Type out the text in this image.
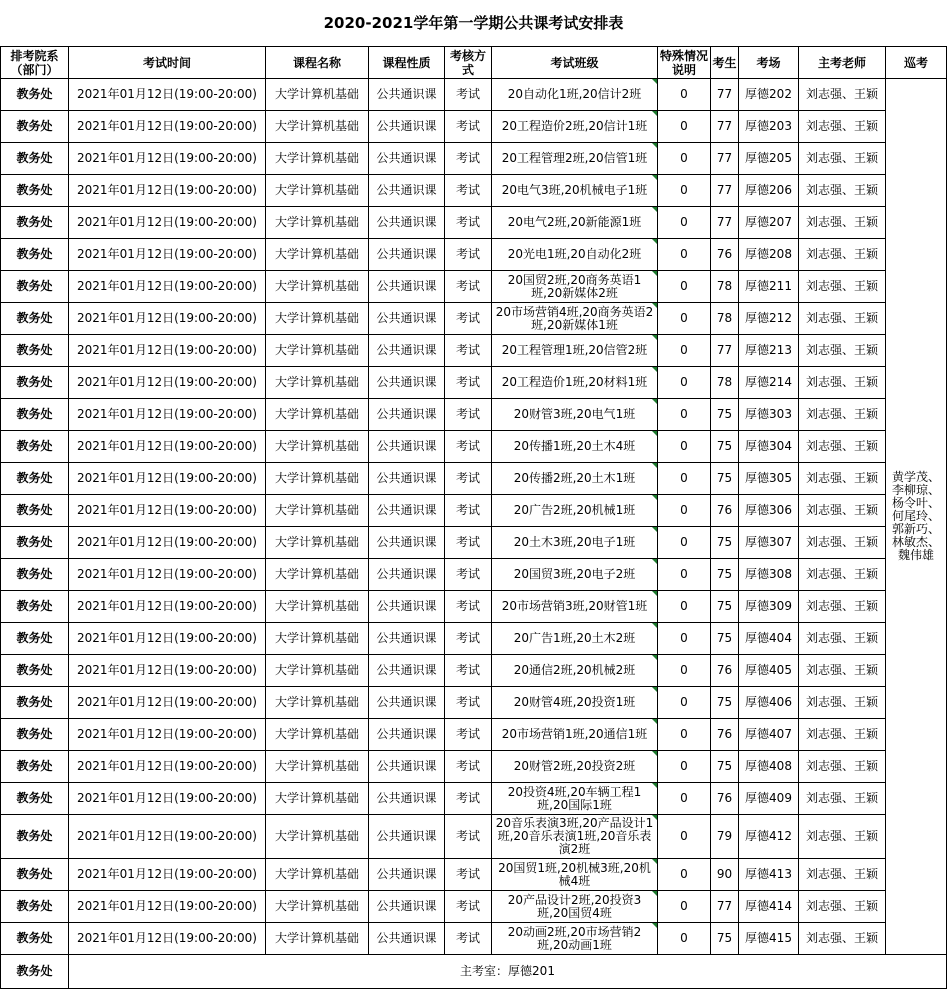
2020-2021学年第一学期公共课考试安排表
排考院系（部门）	考试时间	课程名称	课程性质	考核方式	考试班级	特殊情况说明	考生	考场	主考老师	巡考
教务处	2021年01月12日(19:00-20:00)	大学计算机基础	公共通识课	考试	20自动化1班,20信计2班	0	77	厚德202	刘志强、王颖	黄学茂、李柳琼、杨令叶、何尾玲、郭新巧、林敏杰、魏伟雄
教务处	2021年01月12日(19:00-20:00)	大学计算机基础	公共通识课	考试	20工程造价2班,20信计1班	0	77	厚德203	刘志强、王颖	
教务处	2021年01月12日(19:00-20:00)	大学计算机基础	公共通识课	考试	20工程管理2班,20信管1班	0	77	厚德205	刘志强、王颖	
教务处	2021年01月12日(19:00-20:00)	大学计算机基础	公共通识课	考试	20电气3班,20机械电子1班	0	77	厚德206	刘志强、王颖	
教务处	2021年01月12日(19:00-20:00)	大学计算机基础	公共通识课	考试	20电气2班,20新能源1班	0	77	厚德207	刘志强、王颖	
教务处	2021年01月12日(19:00-20:00)	大学计算机基础	公共通识课	考试	20光电1班,20自动化2班	0	76	厚德208	刘志强、王颖	
教务处	2021年01月12日(19:00-20:00)	大学计算机基础	公共通识课	考试	20国贸2班,20商务英语1班,20新媒体2班	0	78	厚德211	刘志强、王颖	
教务处	2021年01月12日(19:00-20:00)	大学计算机基础	公共通识课	考试	20市场营销4班,20商务英语2班,20新媒体1班	0	78	厚德212	刘志强、王颖	
教务处	2021年01月12日(19:00-20:00)	大学计算机基础	公共通识课	考试	20工程管理1班,20信管2班	0	77	厚德213	刘志强、王颖	
教务处	2021年01月12日(19:00-20:00)	大学计算机基础	公共通识课	考试	20工程造价1班,20材料1班	0	78	厚德214	刘志强、王颖	
教务处	2021年01月12日(19:00-20:00)	大学计算机基础	公共通识课	考试	20财管3班,20电气1班	0	75	厚德303	刘志强、王颖	
教务处	2021年01月12日(19:00-20:00)	大学计算机基础	公共通识课	考试	20传播1班,20土木4班	0	75	厚德304	刘志强、王颖	
教务处	2021年01月12日(19:00-20:00)	大学计算机基础	公共通识课	考试	20传播2班,20土木1班	0	75	厚德305	刘志强、王颖	
教务处	2021年01月12日(19:00-20:00)	大学计算机基础	公共通识课	考试	20广告2班,20机械1班	0	76	厚德306	刘志强、王颖	
教务处	2021年01月12日(19:00-20:00)	大学计算机基础	公共通识课	考试	20土木3班,20电子1班	0	75	厚德307	刘志强、王颖	
教务处	2021年01月12日(19:00-20:00)	大学计算机基础	公共通识课	考试	20国贸3班,20电子2班	0	75	厚德308	刘志强、王颖	
教务处	2021年01月12日(19:00-20:00)	大学计算机基础	公共通识课	考试	20市场营销3班,20财管1班	0	75	厚德309	刘志强、王颖	
教务处	2021年01月12日(19:00-20:00)	大学计算机基础	公共通识课	考试	20广告1班,20土木2班	0	75	厚德404	刘志强、王颖	
教务处	2021年01月12日(19:00-20:00)	大学计算机基础	公共通识课	考试	20通信2班,20机械2班	0	76	厚德405	刘志强、王颖	
教务处	2021年01月12日(19:00-20:00)	大学计算机基础	公共通识课	考试	20财管4班,20投资1班	0	75	厚德406	刘志强、王颖	
教务处	2021年01月12日(19:00-20:00)	大学计算机基础	公共通识课	考试	20市场营销1班,20通信1班	0	76	厚德407	刘志强、王颖	
教务处	2021年01月12日(19:00-20:00)	大学计算机基础	公共通识课	考试	20财管2班,20投资2班	0	75	厚德408	刘志强、王颖	
教务处	2021年01月12日(19:00-20:00)	大学计算机基础	公共通识课	考试	20投资4班,20车辆工程1班,20国际1班	0	76	厚德409	刘志强、王颖	
教务处	2021年01月12日(19:00-20:00)	大学计算机基础	公共通识课	考试	20音乐表演3班,20产品设计1班,20音乐表演1班,20音乐表演2班	0	79	厚德412	刘志强、王颖	
教务处	2021年01月12日(19:00-20:00)	大学计算机基础	公共通识课	考试	20国贸1班,20机械3班,20机械4班	0	90	厚德413	刘志强、王颖	
教务处	2021年01月12日(19:00-20:00)	大学计算机基础	公共通识课	考试	20产品设计2班,20投资3班,20国贸4班	0	77	厚德414	刘志强、王颖	
教务处	2021年01月12日(19:00-20:00)	大学计算机基础	公共通识课	考试	20动画2班,20市场营销2班,20动画1班	0	75	厚德415	刘志强、王颖	
教务处	主考室：厚德201									
